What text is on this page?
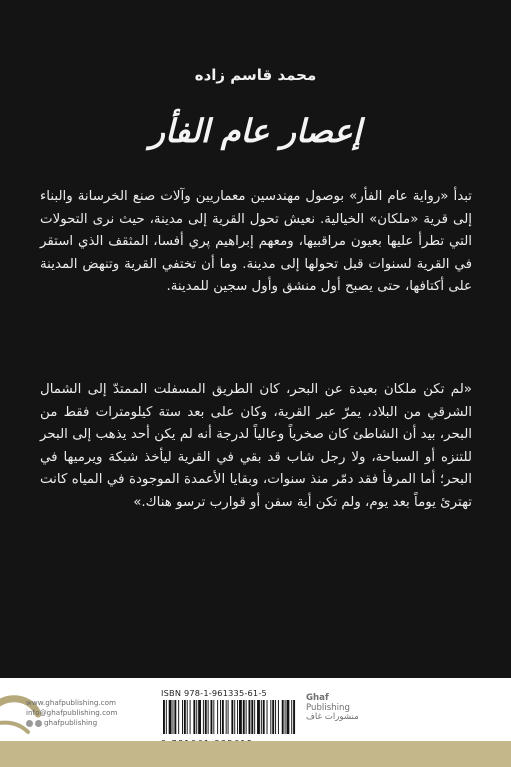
محمد قاسم زاده
إعصار عام الفأر

تبدأ «رواية عام الفأر» بوصول مهندسين معماريين وآلات صنع الخرسانة والبناء إلى قرية «ملكان» الخيالية. نعيش تحول القرية إلى مدينة، حيث نرى التحولات التي تطرأ عليها بعيون مراقبيها، ومعهم إبراهيم پري أفسا، المثقف الذي استقر في القرية لسنوات قبل تحولها إلى مدينة. وما أن تختفي القرية وتنهض المدينة على أكتافها، حتى يصبح أول منشق وأول سجين للمدينة.

«لم تكن ملكان بعيدة عن البحر، كان الطريق المسفلت الممتدّ إلى الشمال الشرقي من البلاد، يمرّ عبر القرية، وكان على بعد ستة كيلومترات فقط من البحر، بيد أن الشاطئ كان صخرياً وعالياً لدرجة أنه لم يكن أحد يذهب إلى البحر للتنزه أو السباحة، ولا رجل شاب قد بقي في القرية ليأخذ شبكة ويرميها في البحر؛ أما المرفأ فقد دمّر منذ سنوات، وبقايا الأعمدة الموجودة في المياه كانت تهترئ يوماً بعد يوم، ولم تكن أية سفن أو قوارب ترسو هناك.»

www.ghafpublishing.com
info@ghafpublishing.com
ghafpublishing
ISBN 978-1-961335-61-5	Ghaf
Publishing
منشورات غاف
